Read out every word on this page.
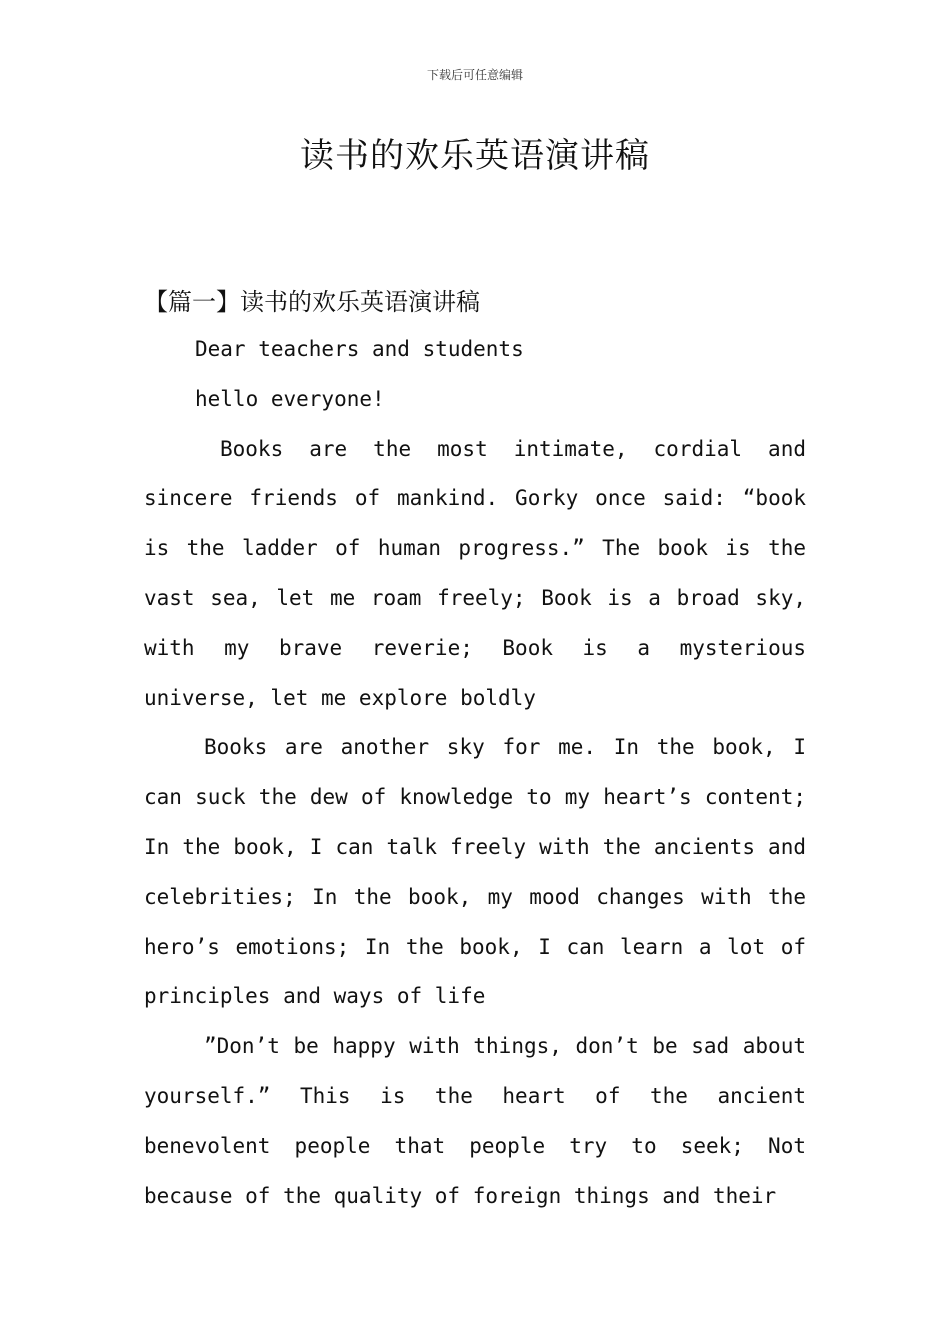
下载后可任意编辑
读书的欢乐英语演讲稿
【篇一】读书的欢乐英语演讲稿

Dear teachers and students

hello everyone!

Books are the most intimate, cordial and sincere friends of mankind. Gorky once said: “book is the ladder of human progress.” The book is the vast sea, let me roam freely; Book is a broad sky, with my brave reverie; Book is a mysterious universe, let me explore boldly

Books are another sky for me. In the book, I can suck the dew of knowledge to my heart’s content; In the book, I can talk freely with the ancients and celebrities; In the book, my mood changes with the hero’s emotions; In the book, I can learn a lot of principles and ways of life

”Don’t be happy with things, don’t be sad about yourself.” This is the heart of the ancient benevolent people that people try to seek; Not because of the quality of foreign things and their
